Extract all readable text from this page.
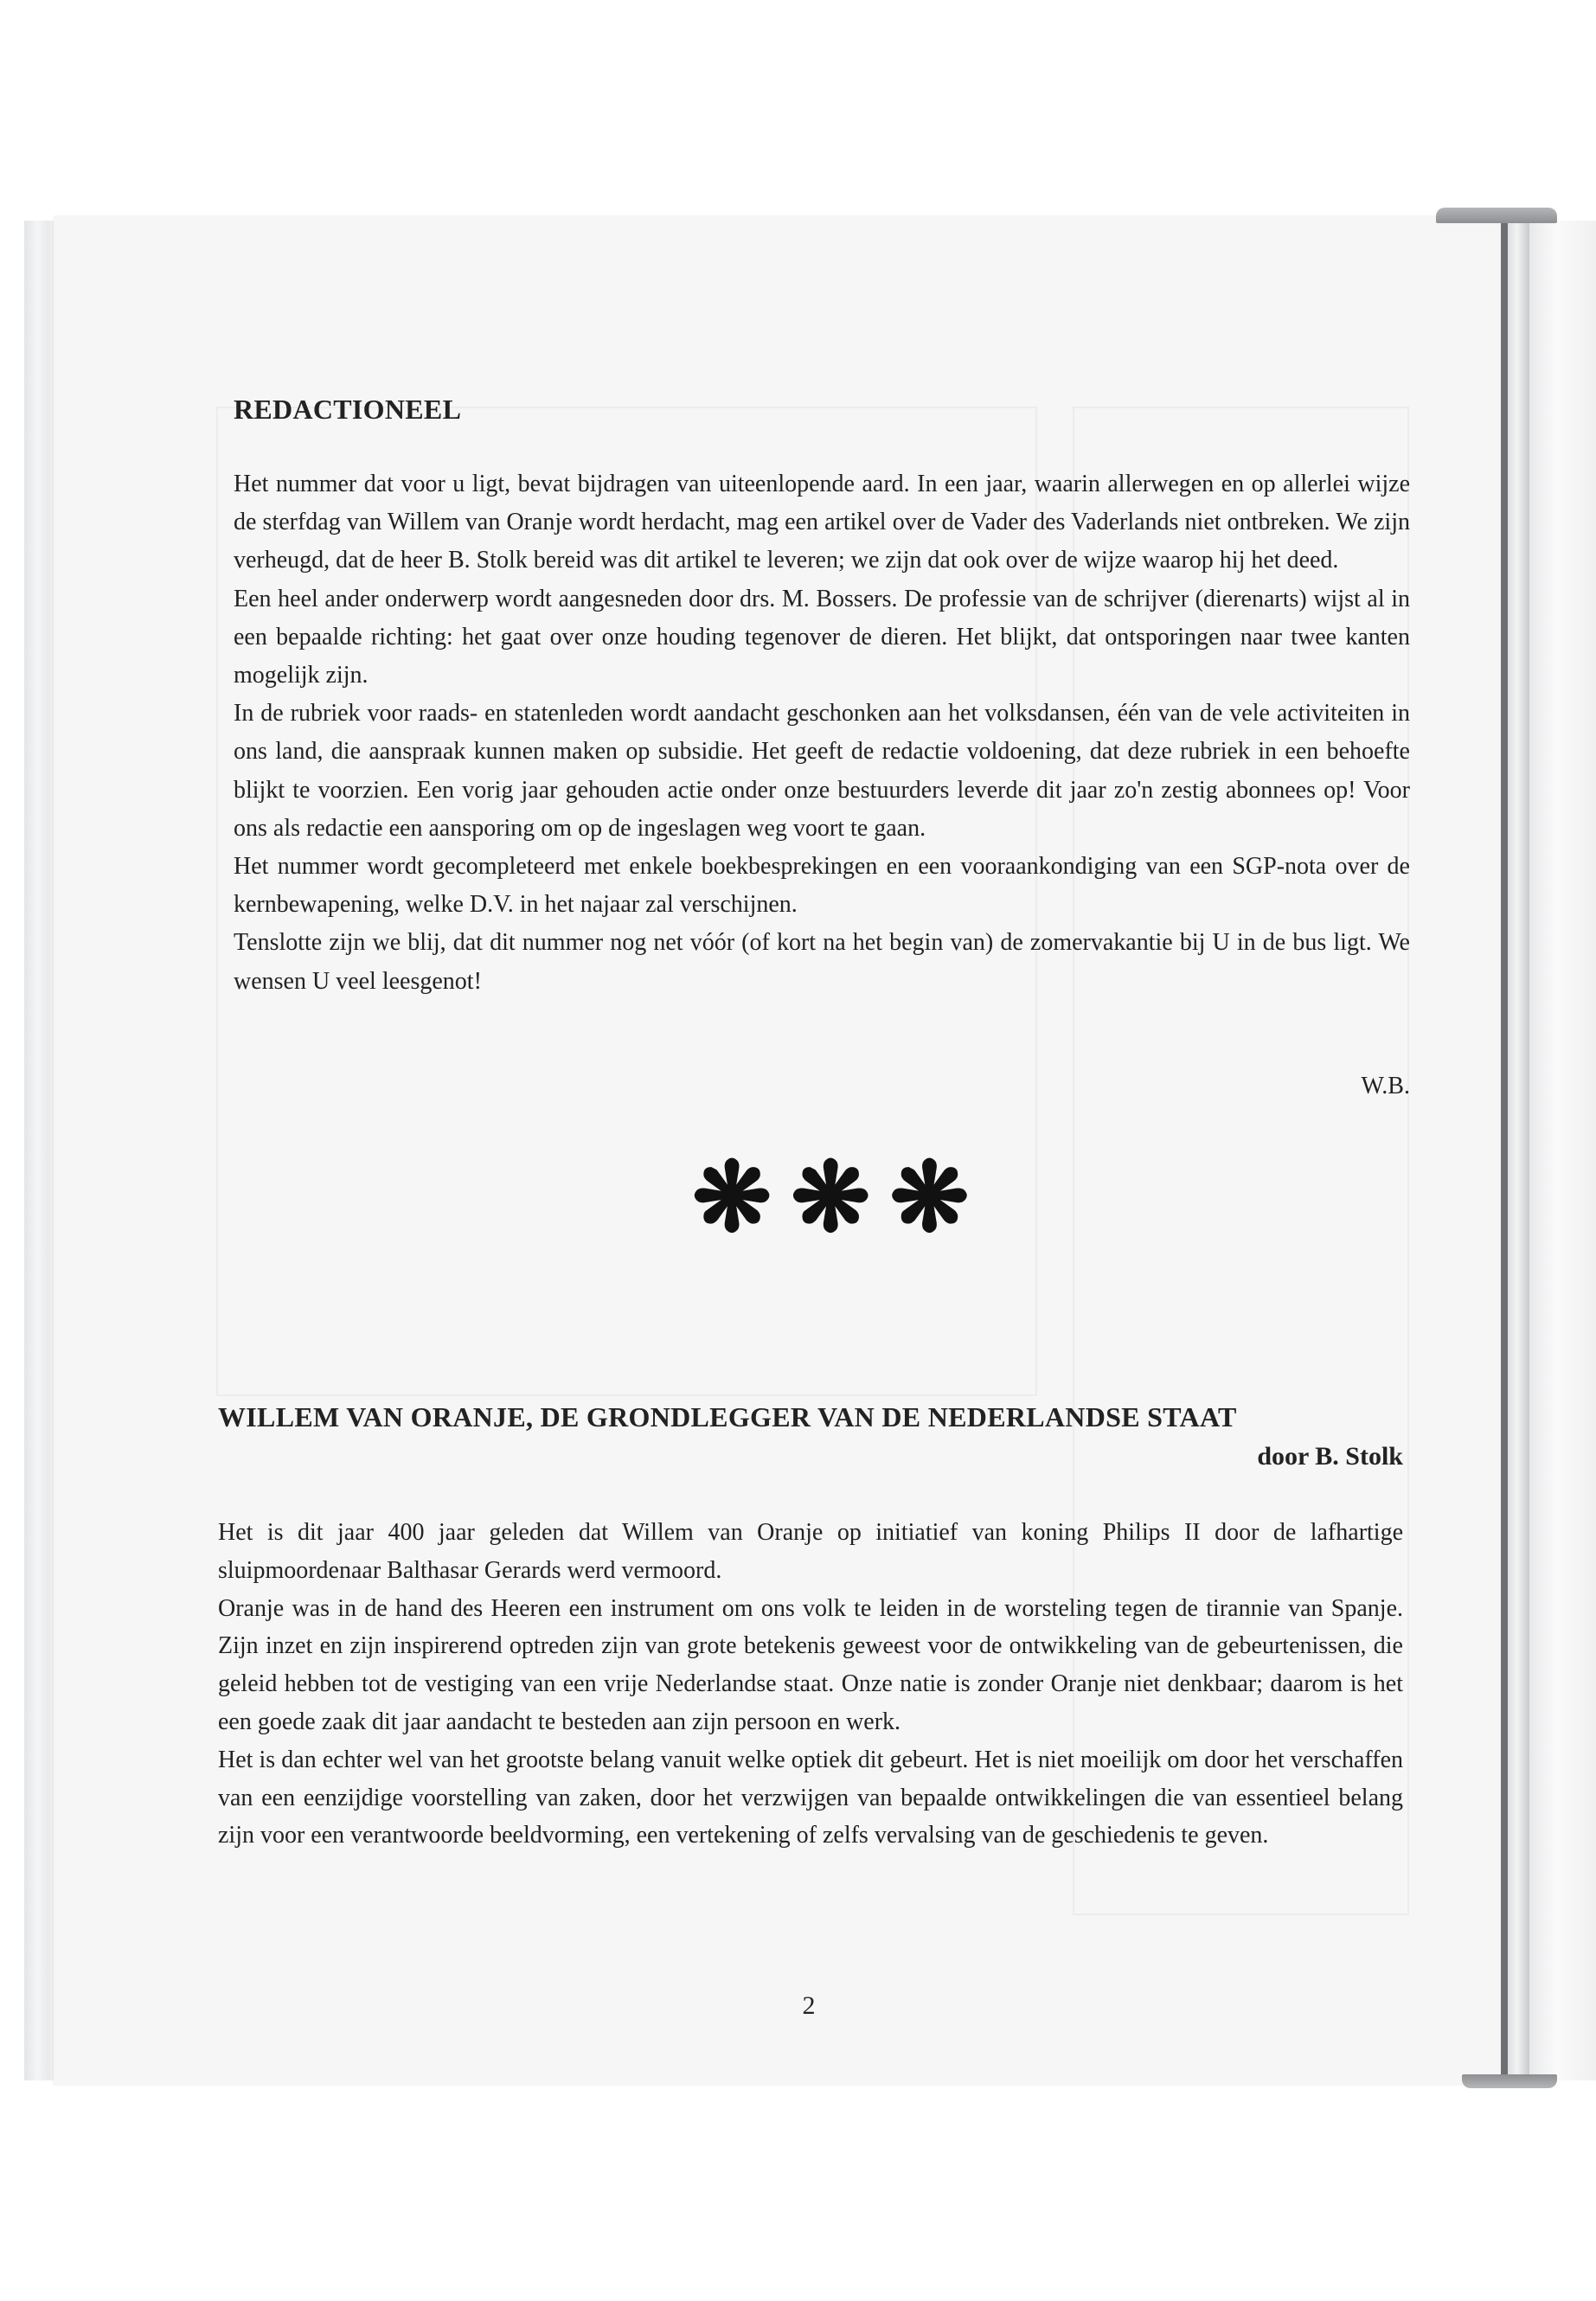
REDACTIONEEL

Het nummer dat voor u ligt, bevat bijdragen van uiteenlopende aard. In een jaar, waarin allerwegen en op allerlei wijze de sterfdag van Willem van Oranje wordt herdacht, mag een artikel over de Vader des Vaderlands niet ontbreken. We zijn verheugd, dat de heer B. Stolk bereid was dit artikel te leveren; we zijn dat ook over de wijze waarop hij het deed.

Een heel ander onderwerp wordt aangesneden door drs. M. Bossers. De professie van de schrijver (dierenarts) wijst al in een bepaalde richting: het gaat over onze houding tegenover de dieren. Het blijkt, dat ontsporingen naar twee kanten mogelijk zijn.

In de rubriek voor raads- en statenleden wordt aandacht geschonken aan het volksdansen, één van de vele activiteiten in ons land, die aanspraak kunnen maken op subsidie. Het geeft de redactie voldoening, dat deze rubriek in een behoefte blijkt te voorzien. Een vorig jaar gehouden actie onder onze bestuurders leverde dit jaar zo'n zestig abonnees op! Voor ons als redactie een aansporing om op de ingeslagen weg voort te gaan.

Het nummer wordt gecompleteerd met enkele boekbesprekingen en een vooraankondiging van een SGP-nota over de kernbewapening, welke D.V. in het najaar zal verschijnen.

Tenslotte zijn we blij, dat dit nummer nog net vóór (of kort na het begin van) de zomervakantie bij U in de bus ligt. We wensen U veel leesgenot!

W.B.
❋❋❋
WILLEM VAN ORANJE, DE GRONDLEGGER VAN DE NEDERLANDSE STAAT
door B. Stolk

Het is dit jaar 400 jaar geleden dat Willem van Oranje op initiatief van koning Philips II door de lafhartige sluipmoordenaar Balthasar Gerards werd vermoord.

Oranje was in de hand des Heeren een instrument om ons volk te leiden in de worsteling tegen de tirannie van Spanje. Zijn inzet en zijn inspirerend optreden zijn van grote betekenis geweest voor de ontwikkeling van de gebeurtenissen, die geleid hebben tot de vestiging van een vrije Nederlandse staat. Onze natie is zonder Oranje niet denkbaar; daarom is het een goede zaak dit jaar aandacht te besteden aan zijn persoon en werk.

Het is dan echter wel van het grootste belang vanuit welke optiek dit gebeurt. Het is niet moeilijk om door het verschaffen van een eenzijdige voorstelling van zaken, door het verzwijgen van bepaalde ontwikkelingen die van essentieel belang zijn voor een verantwoorde beeldvorming, een vertekening of zelfs vervalsing van de geschiedenis te geven.

2
